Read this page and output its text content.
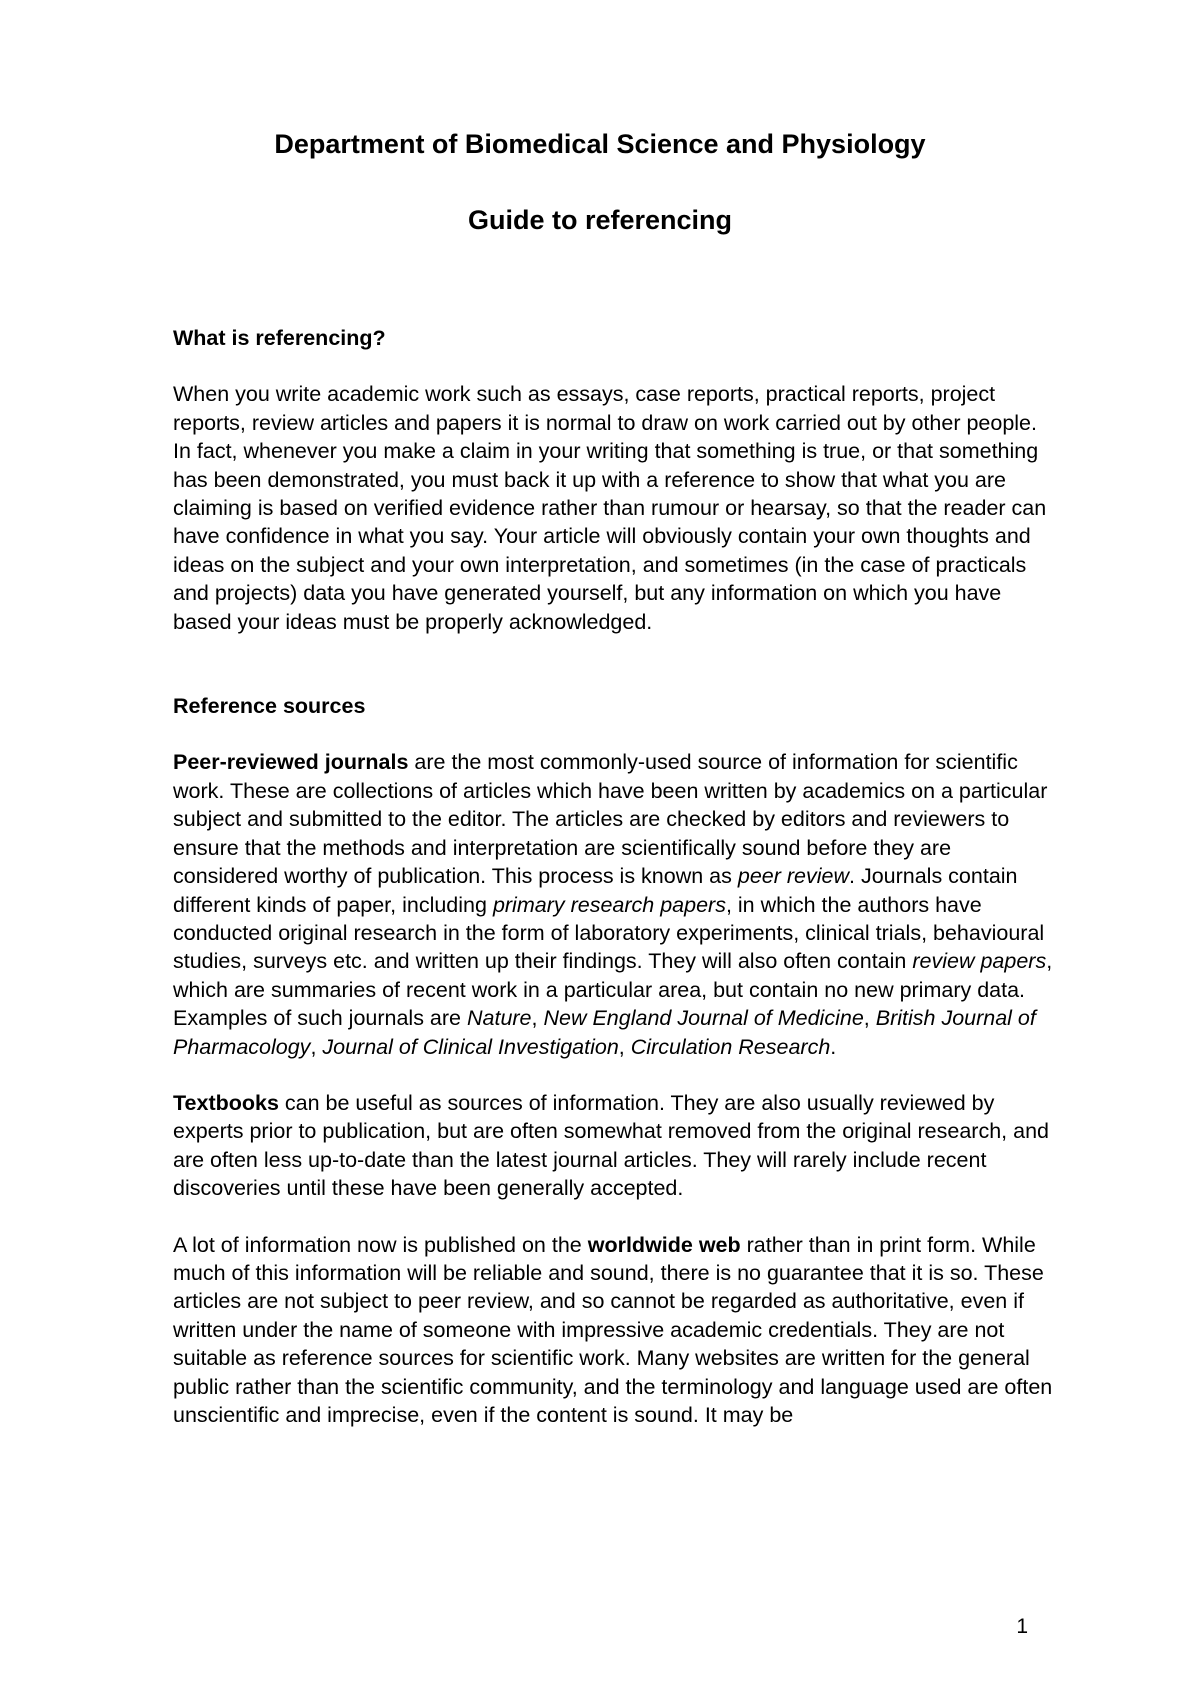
Department of Biomedical Science and Physiology
Guide to referencing
What is referencing?

When you write academic work such as essays, case reports, practical reports, project reports, review articles and papers it is normal to draw on work carried out by other people. In fact, whenever you make a claim in your writing that something is true, or that something has been demonstrated, you must back it up with a reference to show that what you are claiming is based on verified evidence rather than rumour or hearsay, so that the reader can have confidence in what you say. Your article will obviously contain your own thoughts and ideas on the subject and your own interpretation, and sometimes (in the case of practicals and projects) data you have generated yourself, but any information on which you have based your ideas must be properly acknowledged.

Reference sources

Peer-reviewed journals are the most commonly-used source of information for scientific work. These are collections of articles which have been written by academics on a particular subject and submitted to the editor. The articles are checked by editors and reviewers to ensure that the methods and interpretation are scientifically sound before they are considered worthy of publication. This process is known as peer review. Journals contain different kinds of paper, including primary research papers, in which the authors have conducted original research in the form of laboratory experiments, clinical trials, behavioural studies, surveys etc. and written up their findings. They will also often contain review papers, which are summaries of recent work in a particular area, but contain no new primary data. Examples of such journals are Nature, New England Journal of Medicine, British Journal of Pharmacology, Journal of Clinical Investigation, Circulation Research.

Textbooks can be useful as sources of information. They are also usually reviewed by experts prior to publication, but are often somewhat removed from the original research, and are often less up-to-date than the latest journal articles. They will rarely include recent discoveries until these have been generally accepted.

A lot of information now is published on the worldwide web rather than in print form. While much of this information will be reliable and sound, there is no guarantee that it is so. These articles are not subject to peer review, and so cannot be regarded as authoritative, even if written under the name of someone with impressive academic credentials. They are not suitable as reference sources for scientific work. Many websites are written for the general public rather than the scientific community, and the terminology and language used are often unscientific and imprecise, even if the content is sound. It may be

1
